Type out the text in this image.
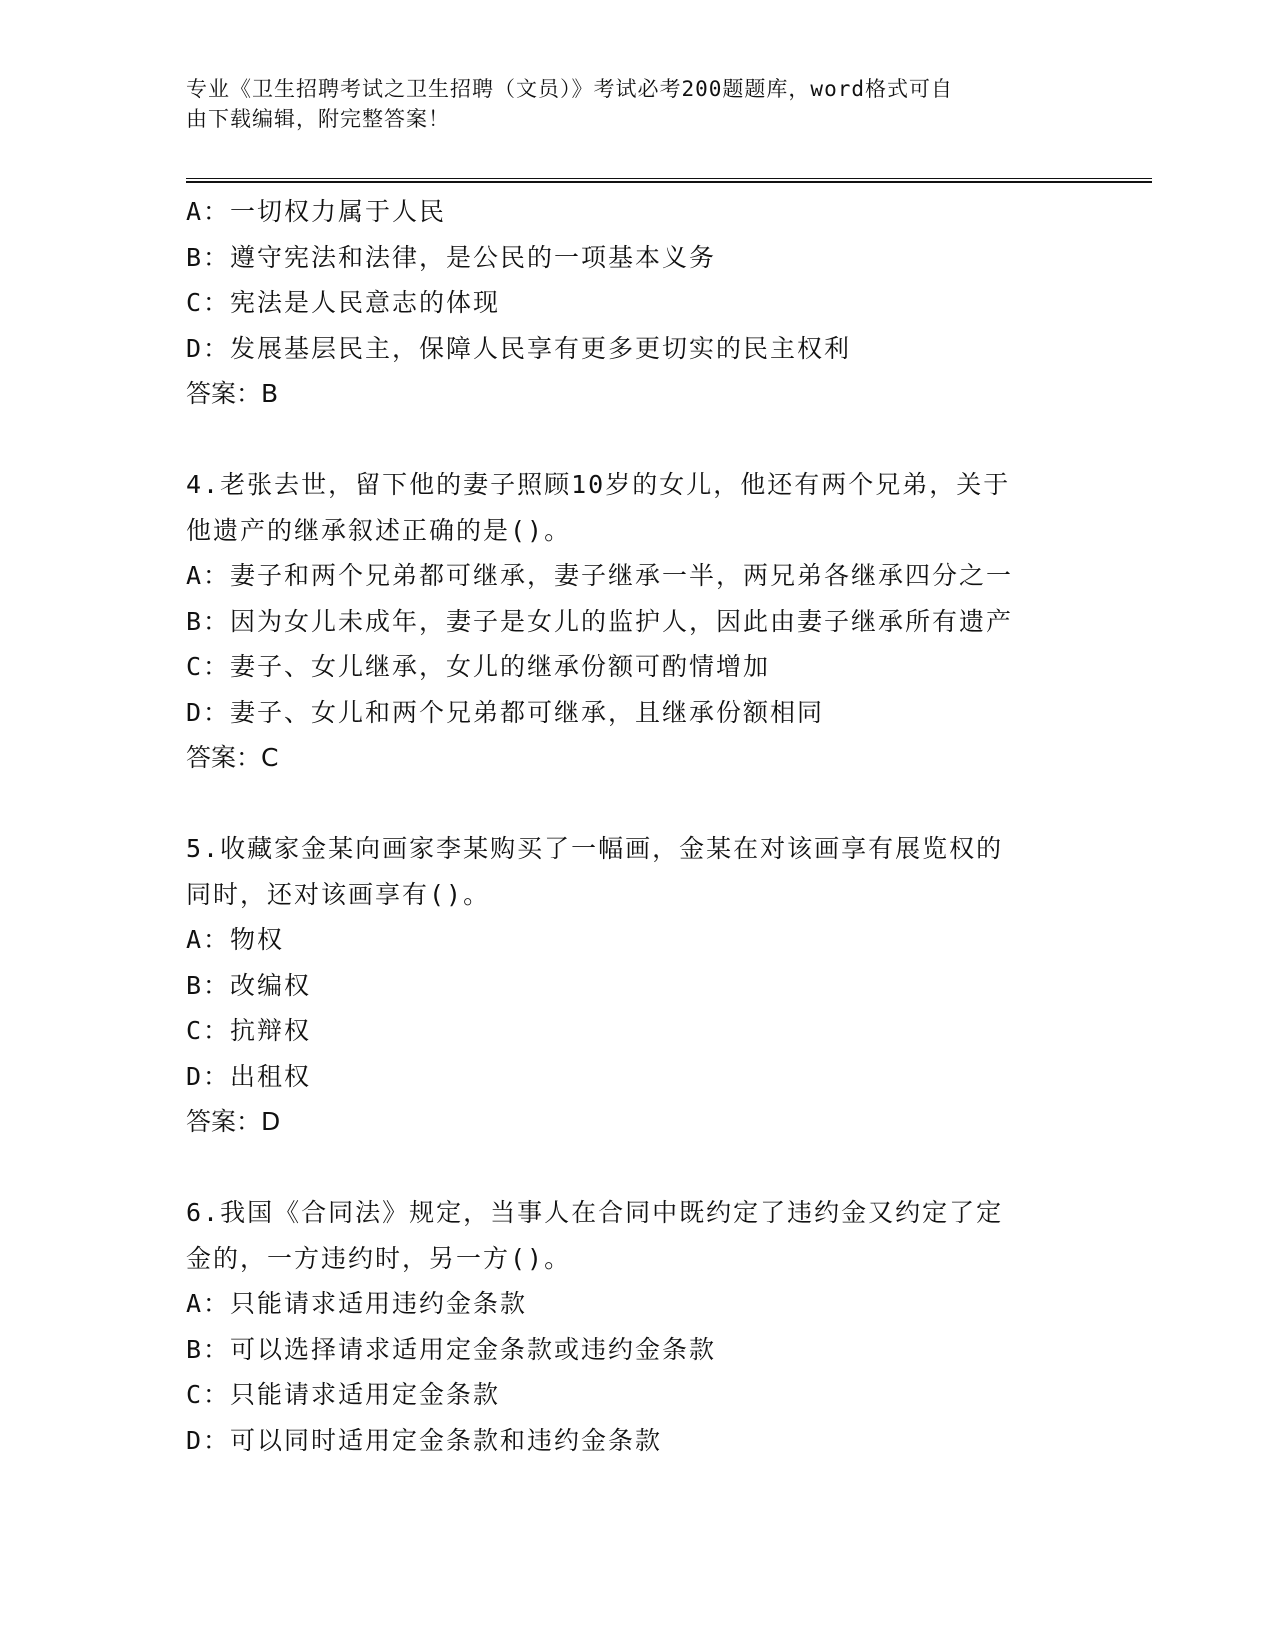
专业《卫生招聘考试之卫生招聘（文员）》考试必考200题题库，word格式可自
由下载编辑，附完整答案！
A：一切权力属于人民
B：遵守宪法和法律，是公民的一项基本义务
C：宪法是人民意志的体现
D：发展基层民主，保障人民享有更多更切实的民主权利
答案：B
4.老张去世，留下他的妻子照顾10岁的女儿，他还有两个兄弟，关于
他遗产的继承叙述正确的是()。
A：妻子和两个兄弟都可继承，妻子继承一半，两兄弟各继承四分之一
B：因为女儿未成年，妻子是女儿的监护人，因此由妻子继承所有遗产
C：妻子、女儿继承，女儿的继承份额可酌情增加
D：妻子、女儿和两个兄弟都可继承，且继承份额相同
答案：C
5.收藏家金某向画家李某购买了一幅画，金某在对该画享有展览权的
同时，还对该画享有()。
A：物权
B：改编权
C：抗辩权
D：出租权
答案：D
6.我国《合同法》规定，当事人在合同中既约定了违约金又约定了定
金的，一方违约时，另一方()。
A：只能请求适用违约金条款
B：可以选择请求适用定金条款或违约金条款
C：只能请求适用定金条款
D：可以同时适用定金条款和违约金条款
